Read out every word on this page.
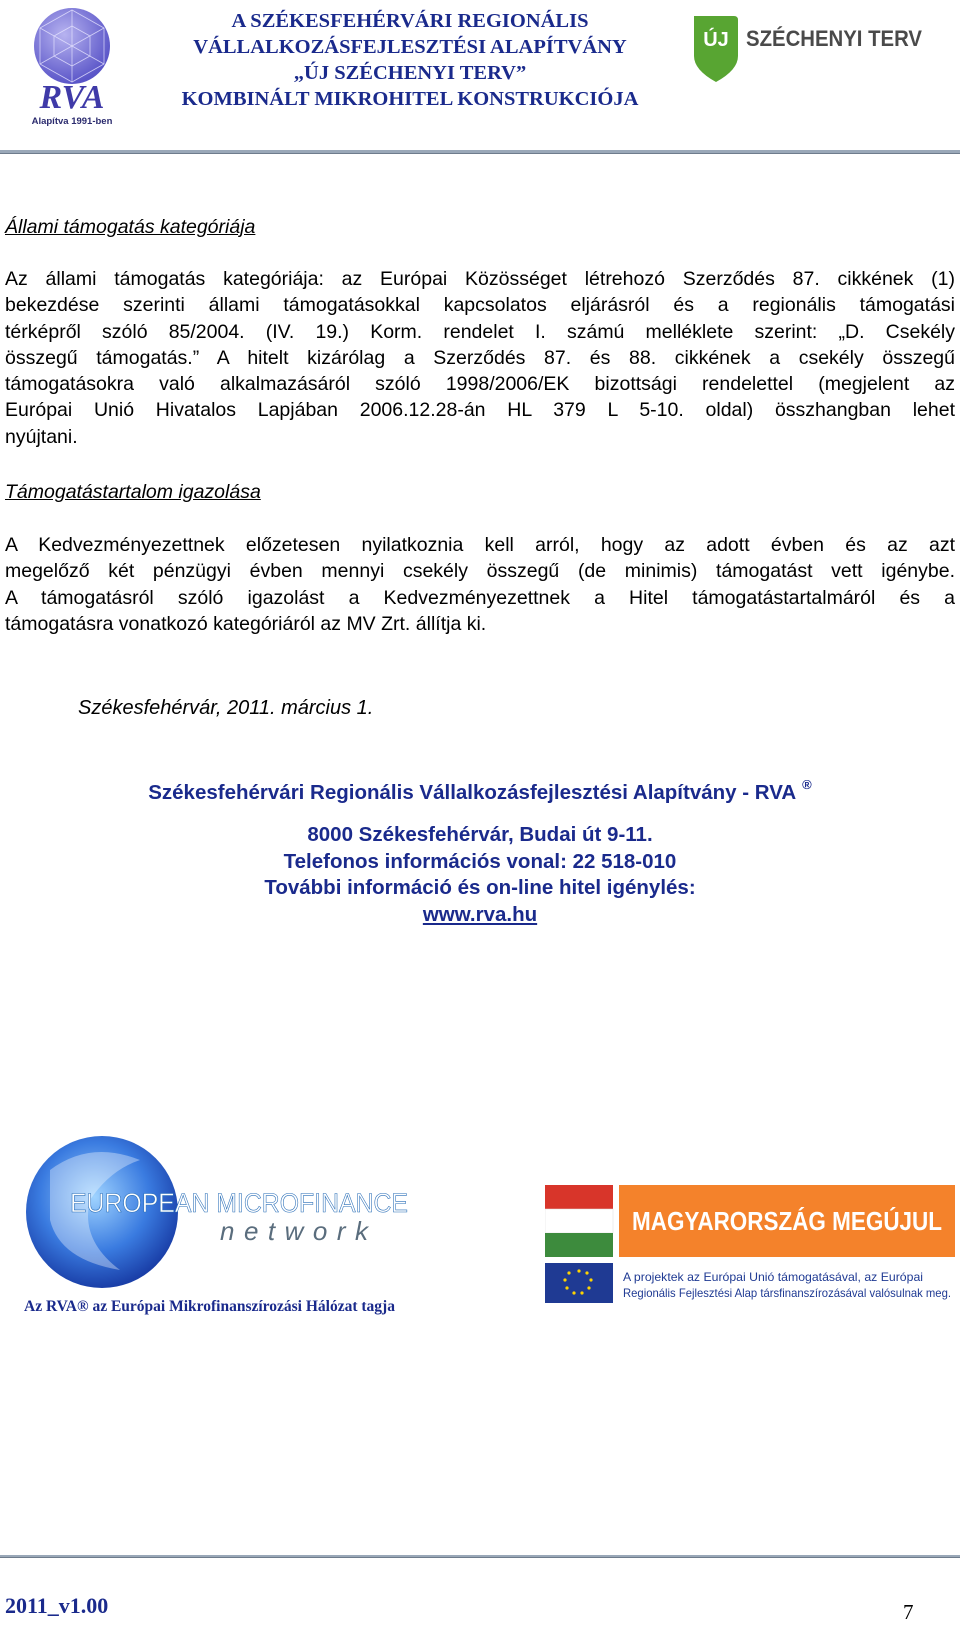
RVA
Alapítva 1991-ben
A SZÉKESFEHÉRVÁRI REGIONÁLIS
VÁLLALKOZÁSFEJLESZTÉSI ALAPÍTVÁNY
„ÚJ SZÉCHENYI TERV”
KOMBINÁLT MIKROHITEL KONSTRUKCIÓJA
ÚJ SZÉCHENYI TERV
Állami támogatás kategóriája
Az állami támogatás kategóriája: az Európai Közösséget létrehozó Szerződés 87. cikkének (1)
bekezdése szerinti állami támogatásokkal kapcsolatos eljárásról és a regionális támogatási
térképről szóló 85/2004. (IV. 19.) Korm. rendelet I. számú melléklete szerint: „D. Csekély
összegű támogatás.” A hitelt kizárólag a Szerződés 87. és 88. cikkének a csekély összegű
támogatásokra való alkalmazásáról szóló 1998/2006/EK bizottsági rendelettel (megjelent az
Európai Unió Hivatalos Lapjában 2006.12.28-án HL 379 L 5-10. oldal) összhangban lehet
nyújtani.
Támogatástartalom igazolása
A Kedvezményezettnek előzetesen nyilatkoznia kell arról, hogy az adott évben és az azt
megelőző két pénzügyi évben mennyi csekély összegű (de minimis) támogatást vett igénybe.
A támogatásról szóló igazolást a Kedvezményezettnek a Hitel támogatástartalmáról és a
támogatásra vonatkozó kategóriáról az MV Zrt. állítja ki.
Székesfehérvár, 2011. március 1.
Székesfehérvári Regionális Vállalkozásfejlesztési Alapítvány - RVA ®
8000 Székesfehérvár, Budai út 9-11.
Telefonos információs vonal: 22 518-010
További információ és on-line hitel igénylés:
www.rva.hu
EUROPEAN MICROFINANCE
network
Az RVA® az Európai Mikrofinanszírozási Hálózat tagja
MAGYARORSZÁG MEGÚJUL
A projektek az Európai Unió támogatásával, az Európai
Regionális Fejlesztési Alap társfinanszírozásával valósulnak meg.
2011_v1.00	7
